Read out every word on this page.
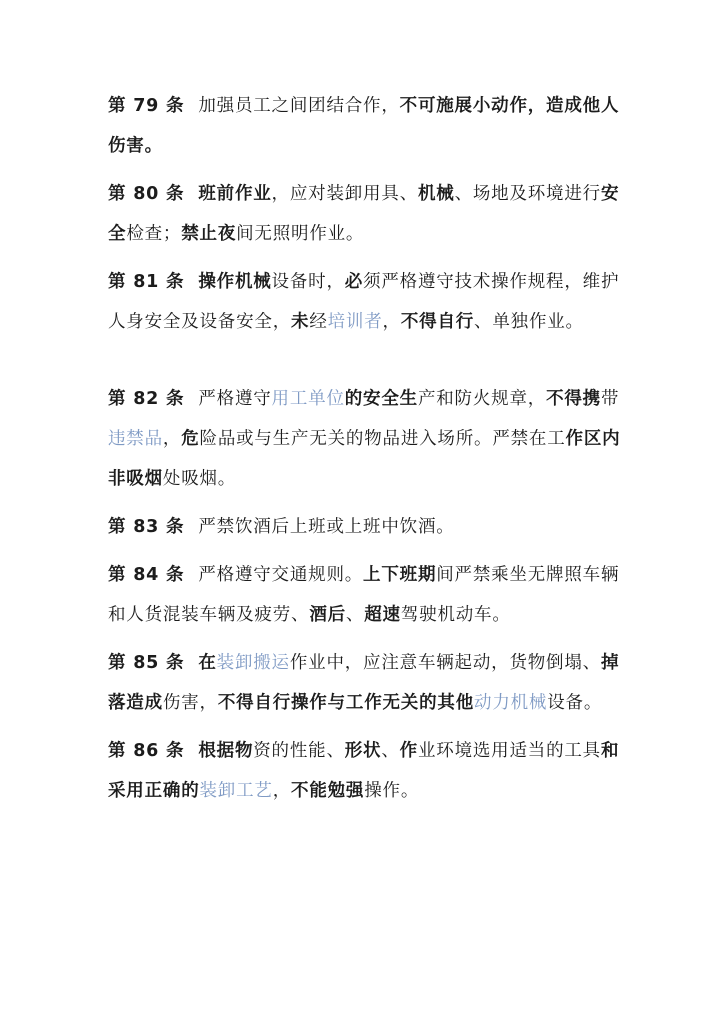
第 79 条 加强员工之间团结合作，不可施展小动作，造成他人伤害。

第 80 条 班前作业，应对装卸用具、机械、场地及环境进行安全检查；禁止夜间无照明作业。

第 81 条 操作机械设备时，必须严格遵守技术操作规程，维护人身安全及设备安全，未经培训者，不得自行、单独作业。

第 82 条 严格遵守用工单位的安全生产和防火规章，不得携带违禁品，危险品或与生产无关的物品进入场所。严禁在工作区内非吸烟处吸烟。

第 83 条 严禁饮酒后上班或上班中饮酒。

第 84 条 严格遵守交通规则。上下班期间严禁乘坐无牌照车辆和人货混装车辆及疲劳、酒后、超速驾驶机动车。

第 85 条 在装卸搬运作业中，应注意车辆起动，货物倒塌、掉落造成伤害，不得自行操作与工作无关的其他动力机械设备。

第 86 条 根据物资的性能、形状、作业环境选用适当的工具和采用正确的装卸工艺，不能勉强操作。
